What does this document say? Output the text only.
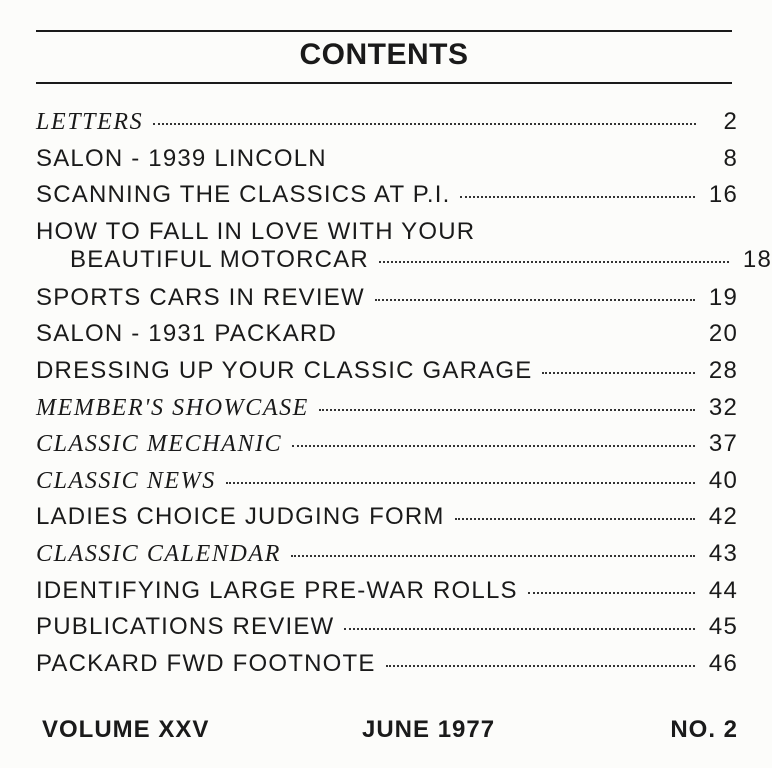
CONTENTS
LETTERS	2
SALON - 1939 LINCOLN	8
SCANNING THE CLASSICS AT P.I.	16
HOW TO FALL IN LOVE WITH YOUR
BEAUTIFUL MOTORCAR	18
SPORTS CARS IN REVIEW	19
SALON - 1931 PACKARD	20
DRESSING UP YOUR CLASSIC GARAGE	28
MEMBER'S SHOWCASE	32
CLASSIC MECHANIC	37
CLASSIC NEWS	40
LADIES CHOICE JUDGING FORM	42
CLASSIC CALENDAR	43
IDENTIFYING LARGE PRE-WAR ROLLS	44
PUBLICATIONS REVIEW	45
PACKARD FWD FOOTNOTE	46
VOLUME XXV	JUNE 1977	NO. 2
